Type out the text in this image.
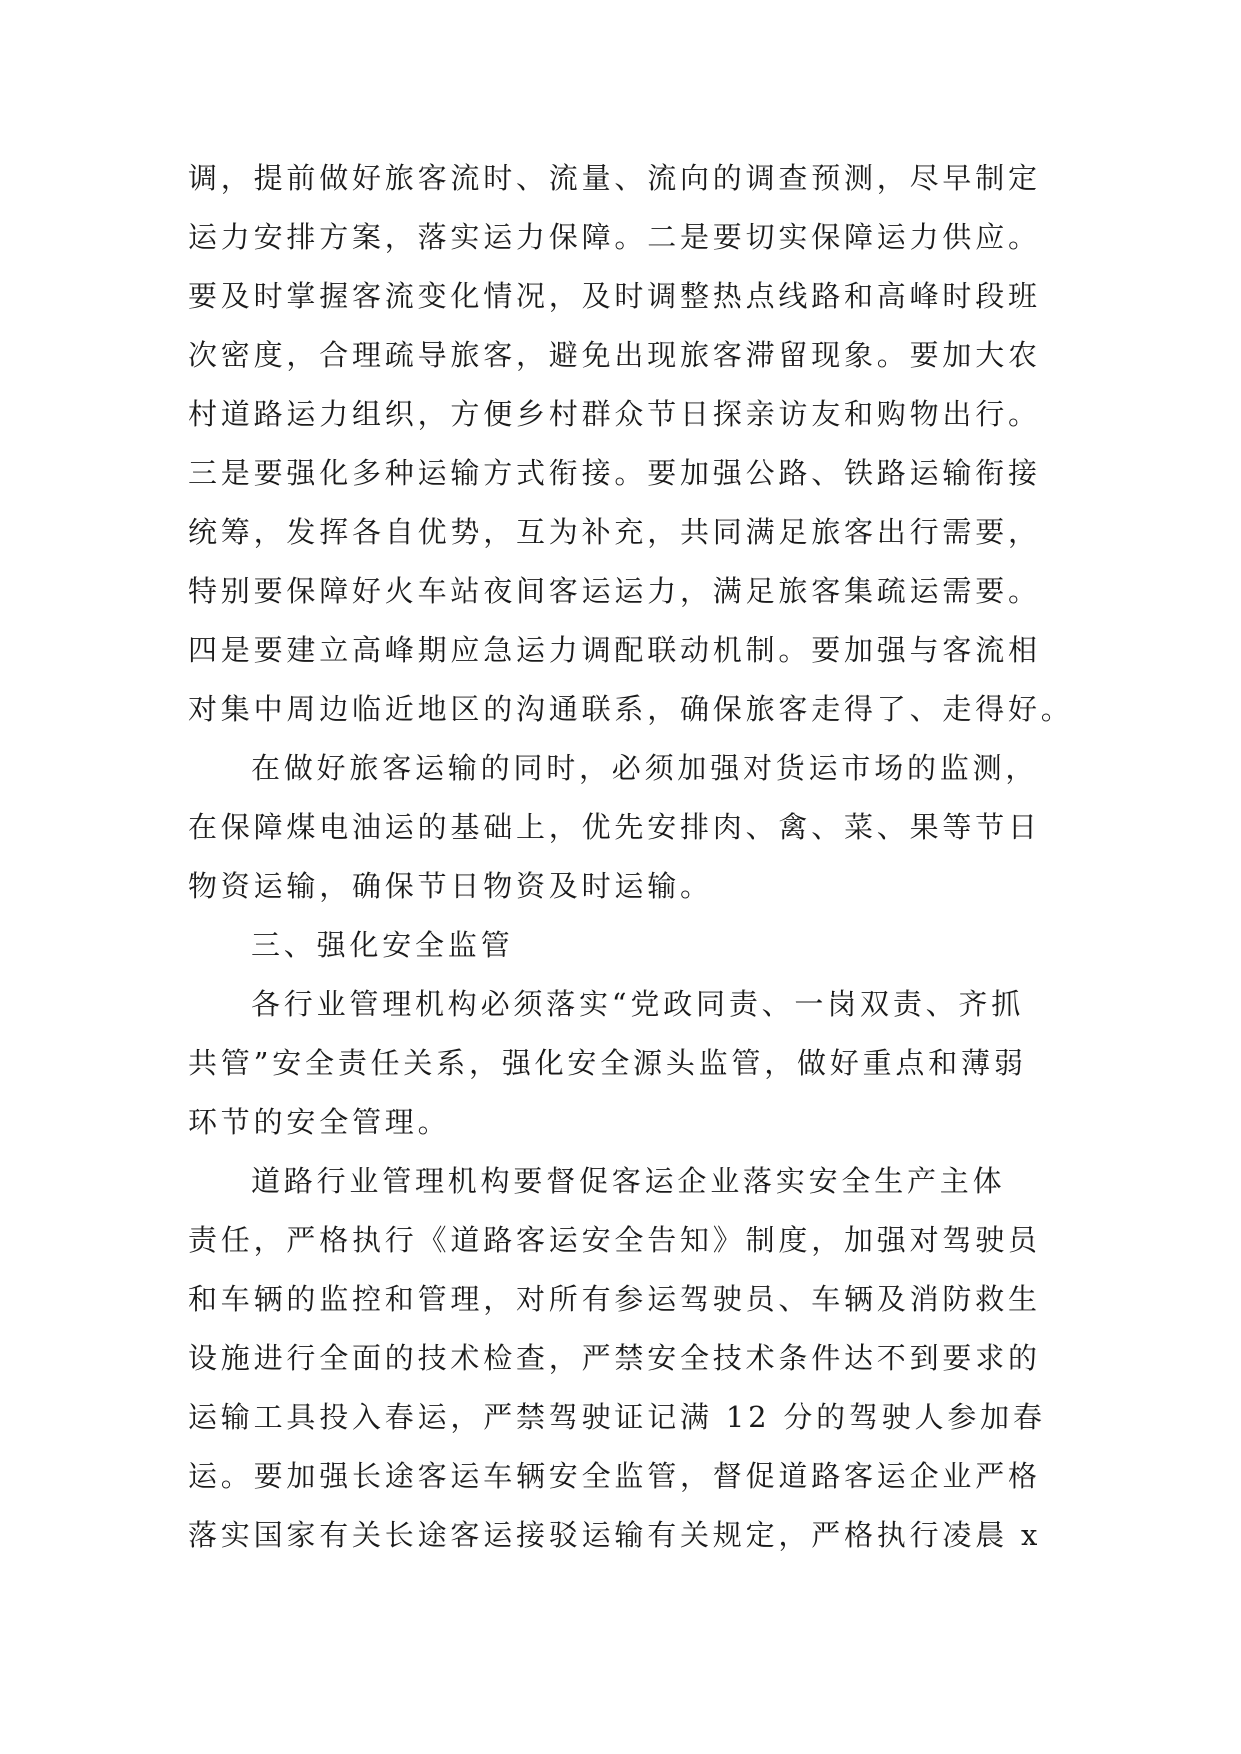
调，提前做好旅客流时、流量、流向的调查预测，尽早制定
运力安排方案，落实运力保障。二是要切实保障运力供应。
要及时掌握客流变化情况，及时调整热点线路和高峰时段班
次密度，合理疏导旅客，避免出现旅客滞留现象。要加大农
村道路运力组织，方便乡村群众节日探亲访友和购物出行。
三是要强化多种运输方式衔接。要加强公路、铁路运输衔接
统筹，发挥各自优势，互为补充，共同满足旅客出行需要，
特别要保障好火车站夜间客运运力，满足旅客集疏运需要。
四是要建立高峰期应急运力调配联动机制。要加强与客流相
对集中周边临近地区的沟通联系，确保旅客走得了、走得好。
在做好旅客运输的同时，必须加强对货运市场的监测，
在保障煤电油运的基础上，优先安排肉、禽、菜、果等节日
物资运输，确保节日物资及时运输。
三、强化安全监管
各行业管理机构必须落实“党政同责、一岗双责、齐抓
共管”安全责任关系，强化安全源头监管，做好重点和薄弱
环节的安全管理。
道路行业管理机构要督促客运企业落实安全生产主体
责任，严格执行《道路客运安全告知》制度，加强对驾驶员
和车辆的监控和管理，对所有参运驾驶员、车辆及消防救生
设施进行全面的技术检查，严禁安全技术条件达不到要求的
运输工具投入春运，严禁驾驶证记满 12 分的驾驶人参加春
运。要加强长途客运车辆安全监管，督促道路客运企业严格
落实国家有关长途客运接驳运输有关规定，严格执行凌晨 x
